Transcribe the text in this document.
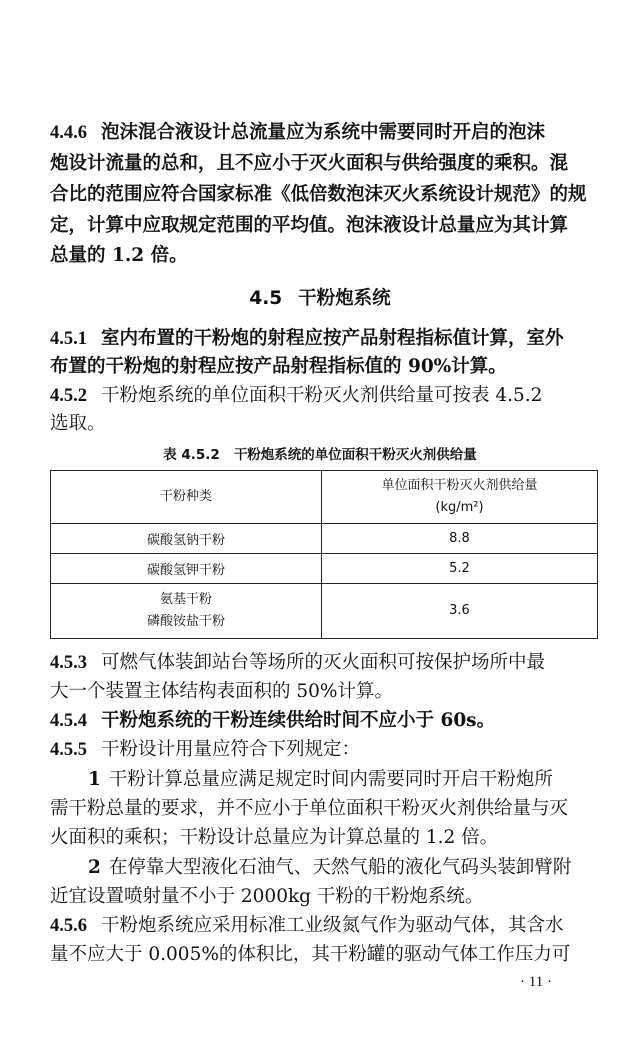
4.4.6 泡沫混合液设计总流量应为系统中需要同时开启的泡沫
炮设计流量的总和，且不应小于灭火面积与供给强度的乘积。混
合比的范围应符合国家标准《低倍数泡沫灭火系统设计规范》的规
定，计算中应取规定范围的平均值。泡沫液设计总量应为其计算
总量的 1.2 倍。
4.5 干粉炮系统
4.5.1 室内布置的干粉炮的射程应按产品射程指标值计算，室外
布置的干粉炮的射程应按产品射程指标值的 90%计算。
4.5.2 干粉炮系统的单位面积干粉灭火剂供给量可按表 4.5.2
选取。
表 4.5.2 干粉炮系统的单位面积干粉灭火剂供给量
干粉种类	单位面积干粉灭火剂供给量
(kg/m²)

碳酸氢钠干粉	8.8
碳酸氢钾干粉	5.2

氨基干粉
磷酸铵盐干粉	3.6
4.5.3 可燃气体装卸站台等场所的灭火面积可按保护场所中最
大一个装置主体结构表面积的 50%计算。
4.5.4 干粉炮系统的干粉连续供给时间不应小于 60s。
4.5.5 干粉设计用量应符合下列规定：
1 干粉计算总量应满足规定时间内需要同时开启干粉炮所
需干粉总量的要求，并不应小于单位面积干粉灭火剂供给量与灭
火面积的乘积；干粉设计总量应为计算总量的 1.2 倍。
2 在停靠大型液化石油气、天然气船的液化气码头装卸臂附
近宜设置喷射量不小于 2000kg 干粉的干粉炮系统。
4.5.6 干粉炮系统应采用标准工业级氮气作为驱动气体，其含水
量不应大于 0.005%的体积比，其干粉罐的驱动气体工作压力可
· 11 ·
